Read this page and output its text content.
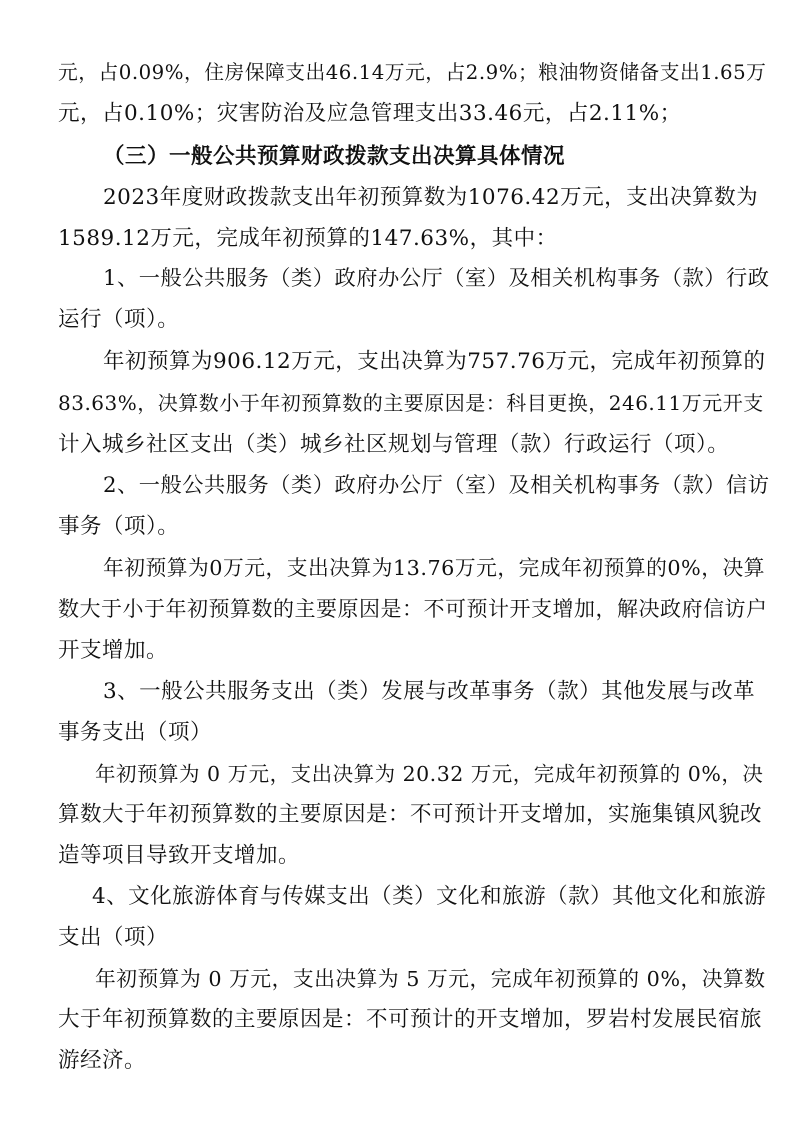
元，占0.09%，住房保障支出46.14万元，占2.9%；粮油物资储备支出1.65万
元，占0.10%；灾害防治及应急管理支出33.46元，占2.11%；
（三）一般公共预算财政拨款支出决算具体情况
2023年度财政拨款支出年初预算数为1076.42万元，支出决算数为
1589.12万元，完成年初预算的147.63%，其中：
1、一般公共服务（类）政府办公厅（室）及相关机构事务（款）行政
运行（项）。
年初预算为906.12万元，支出决算为757.76万元，完成年初预算的
83.63%，决算数小于年初预算数的主要原因是：科目更换，246.11万元开支
计入城乡社区支出（类）城乡社区规划与管理（款）行政运行（项）。
2、一般公共服务（类）政府办公厅（室）及相关机构事务（款）信访
事务（项）。
年初预算为0万元，支出决算为13.76万元，完成年初预算的0%，决算
数大于小于年初预算数的主要原因是：不可预计开支增加，解决政府信访户
开支增加。
3、一般公共服务支出（类）发展与改革事务（款）其他发展与改革
事务支出（项）
年初预算为 0 万元，支出决算为 20.32 万元，完成年初预算的 0%，决
算数大于年初预算数的主要原因是：不可预计开支增加，实施集镇风貌改
造等项目导致开支增加。
4、文化旅游体育与传媒支出（类）文化和旅游（款）其他文化和旅游
支出（项）
年初预算为 0 万元，支出决算为 5 万元，完成年初预算的 0%，决算数
大于年初预算数的主要原因是：不可预计的开支增加，罗岩村发展民宿旅
游经济。
